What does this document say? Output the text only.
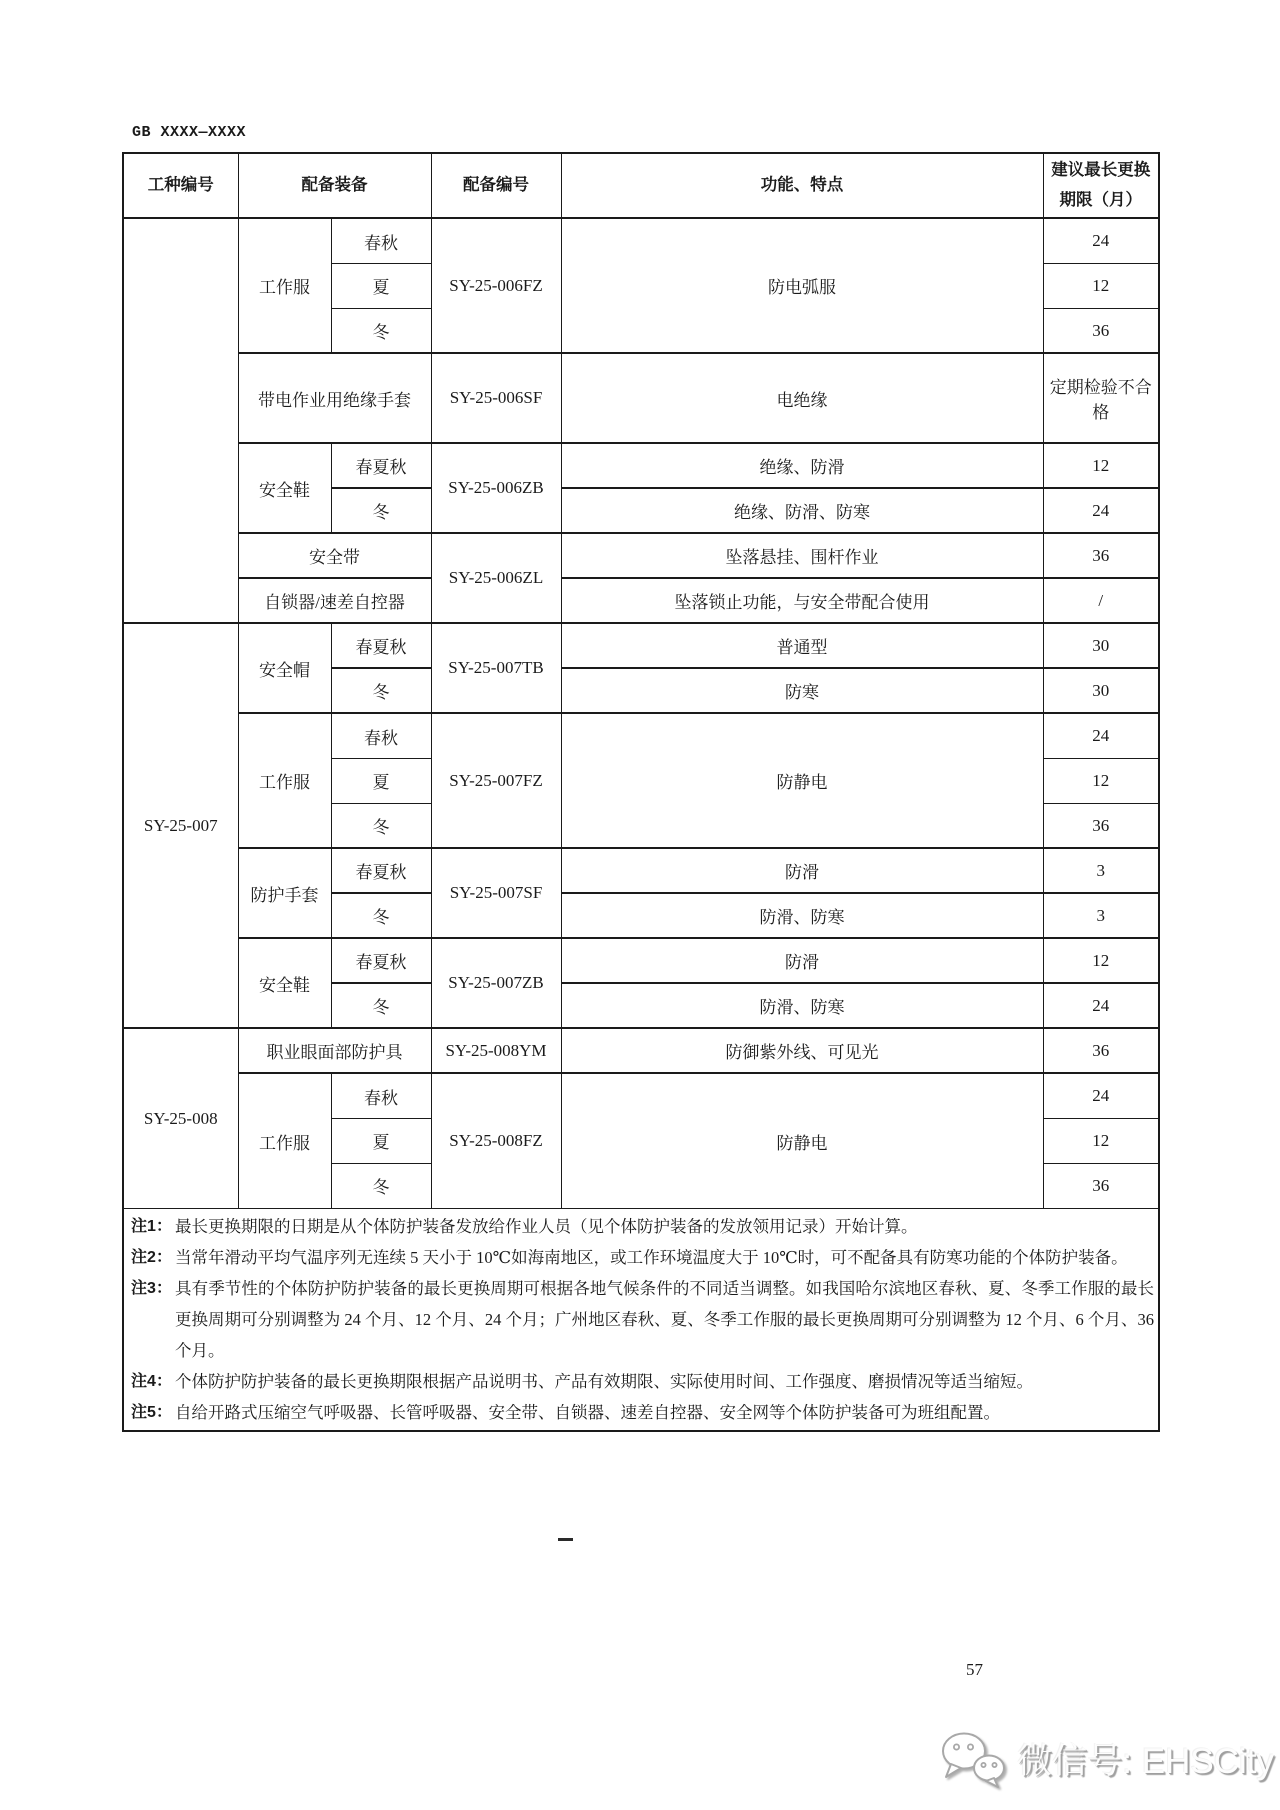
GB XXXX—XXXX
工种编号	配备装备		配备编号	功能、特点	建议最长更换期限（月）
	工作服	春秋	SY-25-006FZ	防电弧服	24
		夏			12
		冬			36
	带电作业用绝缘手套		SY-25-006SF	电绝缘	定期检验不合格
	安全鞋	春夏秋	SY-25-006ZB	绝缘、防滑	12
		冬		绝缘、防滑、防寒	24
	安全带		SY-25-006ZL	坠落悬挂、围杆作业	36
	自锁器/速差自控器			坠落锁止功能，与安全带配合使用	/
SY-25-007	安全帽	春夏秋	SY-25-007TB	普通型	30
		冬		防寒	30
	工作服	春秋	SY-25-007FZ	防静电	24
		夏			12
		冬			36
	防护手套	春夏秋	SY-25-007SF	防滑	3
		冬		防滑、防寒	3
	安全鞋	春夏秋	SY-25-007ZB	防滑	12
		冬		防滑、防寒	24
SY-25-008	职业眼面部防护具		SY-25-008YM	防御紫外线、可见光	36
	工作服	春秋	SY-25-008FZ	防静电	24
		夏			12
		冬			36

注1： 最长更换期限的日期是从个体防护装备发放给作业人员（见个体防护装备的发放领用记录）开始计算。
注2： 当常年滑动平均气温序列无连续 5 天小于 10℃如海南地区，或工作环境温度大于 10℃时，可不配备具有防寒功能的个体防护装备。
注3： 具有季节性的个体防护防护装备的最长更换周期可根据各地气候条件的不同适当调整。如我国哈尔滨地区春秋、夏、冬季工作服的最长更换周期可分别调整为 24 个月、12 个月、24 个月；广州地区春秋、夏、冬季工作服的最长更换周期可分别调整为 12 个月、6 个月、36 个月。
注4： 个体防护防护装备的最长更换期限根据产品说明书、产品有效期限、实际使用时间、工作强度、磨损情况等适当缩短。
注5： 自给开路式压缩空气呼吸器、长管呼吸器、安全带、自锁器、速差自控器、安全网等个体防护装备可为班组配置。
57
微信号: EHSCity
